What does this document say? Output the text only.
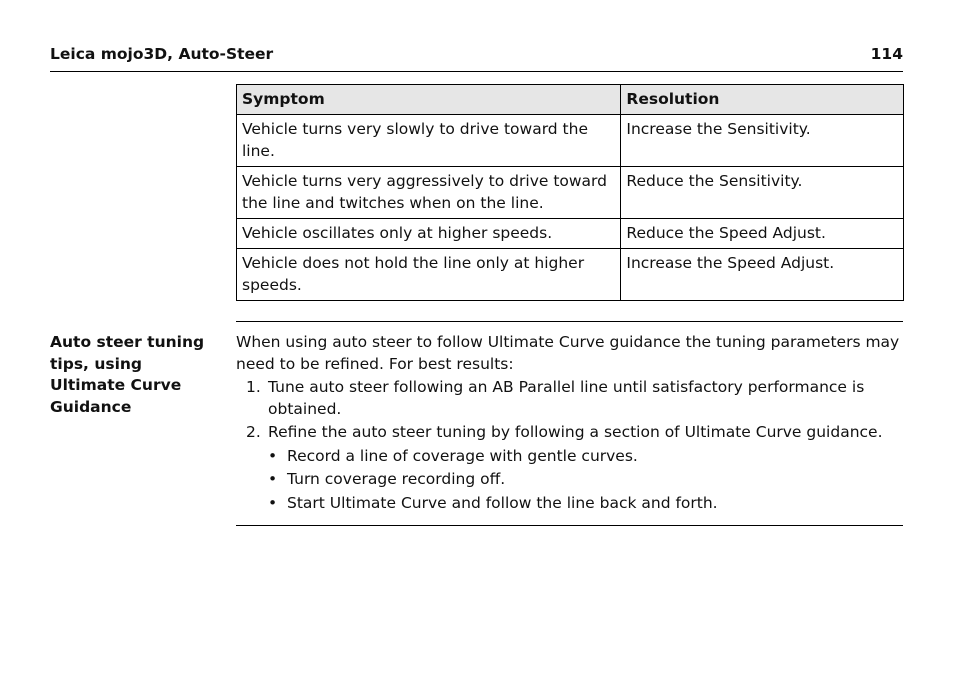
Leica mojo3D, Auto-Steer	114
Symptom	Resolution
Vehicle turns very slowly to drive toward the line.	Increase the Sensitivity.
Vehicle turns very aggressively to drive toward the line and twitches when on the line.	Reduce the Sensitivity.
Vehicle oscillates only at higher speeds.	Reduce the Speed Adjust.
Vehicle does not hold the line only at higher speeds.	Increase the Speed Adjust.
Auto steer tuning tips, using Ultimate Curve Guidance

When using auto steer to follow Ultimate Curve guidance the tuning parameters may need to be refined. For best results:

1. Tune auto steer following an AB Parallel line until satisfactory performance is obtained.
2. Refine the auto steer tuning by following a section of Ultimate Curve guidance.
• Record a line of coverage with gentle curves.
• Turn coverage recording off.
• Start Ultimate Curve and follow the line back and forth.
